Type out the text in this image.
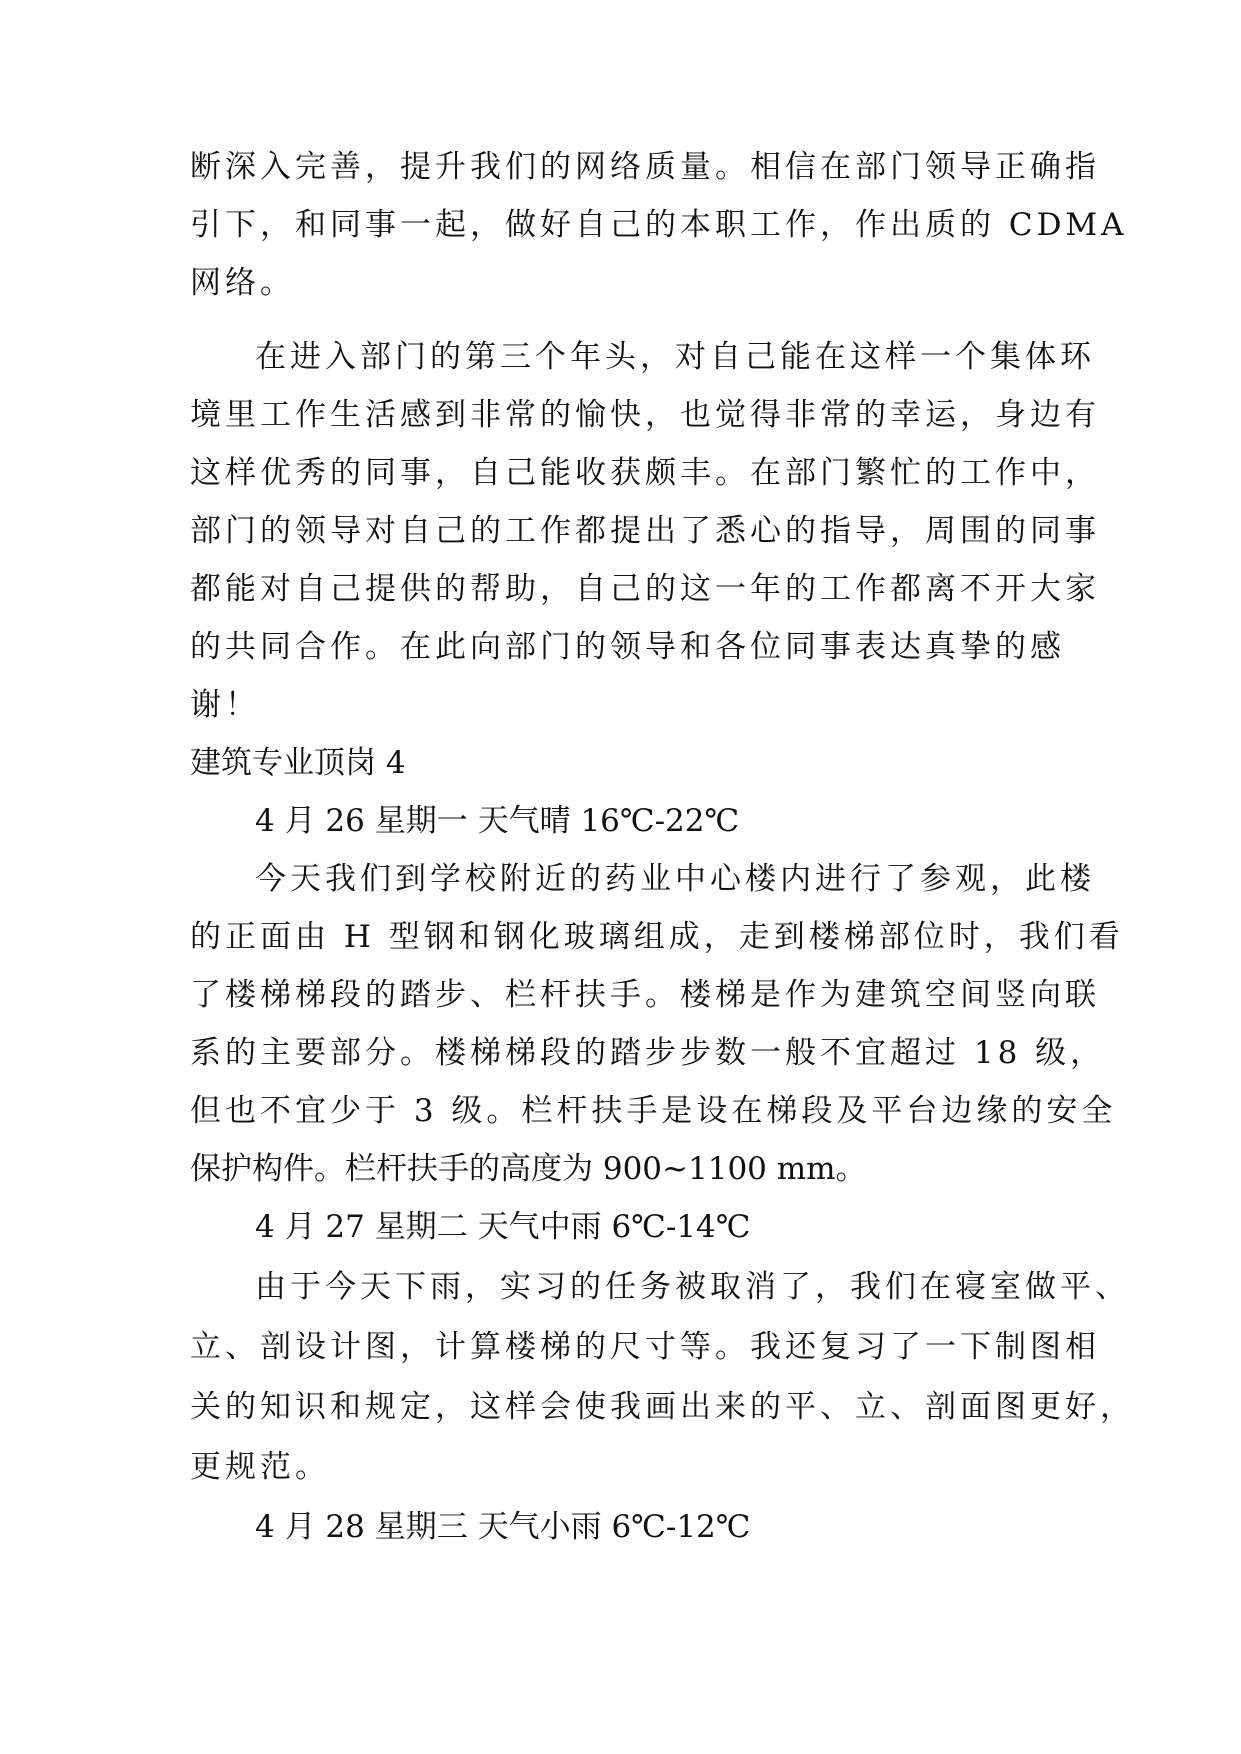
断深入完善，提升我们的网络质量。相信在部门领导正确指
引下，和同事一起，做好自己的本职工作，作出质的 CDMA
网络。
在进入部门的第三个年头，对自己能在这样一个集体环
境里工作生活感到非常的愉快，也觉得非常的幸运，身边有
这样优秀的同事，自己能收获颇丰。在部门繁忙的工作中，
部门的领导对自己的工作都提出了悉心的指导，周围的同事
都能对自己提供的帮助，自己的这一年的工作都离不开大家
的共同合作。在此向部门的领导和各位同事表达真挚的感
谢！
建筑专业顶岗 4
4 月 26 星期一 天气晴 16℃-22℃
今天我们到学校附近的药业中心楼内进行了参观，此楼
的正面由 H 型钢和钢化玻璃组成，走到楼梯部位时，我们看
了楼梯梯段的踏步、栏杆扶手。楼梯是作为建筑空间竖向联
系的主要部分。楼梯梯段的踏步步数一般不宜超过 18 级，
但也不宜少于 3 级。栏杆扶手是设在梯段及平台边缘的安全
保护构件。栏杆扶手的高度为 900~1100 mm。
4 月 27 星期二 天气中雨 6℃-14℃
由于今天下雨，实习的任务被取消了，我们在寝室做平、
立、剖设计图，计算楼梯的尺寸等。我还复习了一下制图相
关的知识和规定，这样会使我画出来的平、立、剖面图更好，
更规范。
4 月 28 星期三 天气小雨 6℃-12℃
